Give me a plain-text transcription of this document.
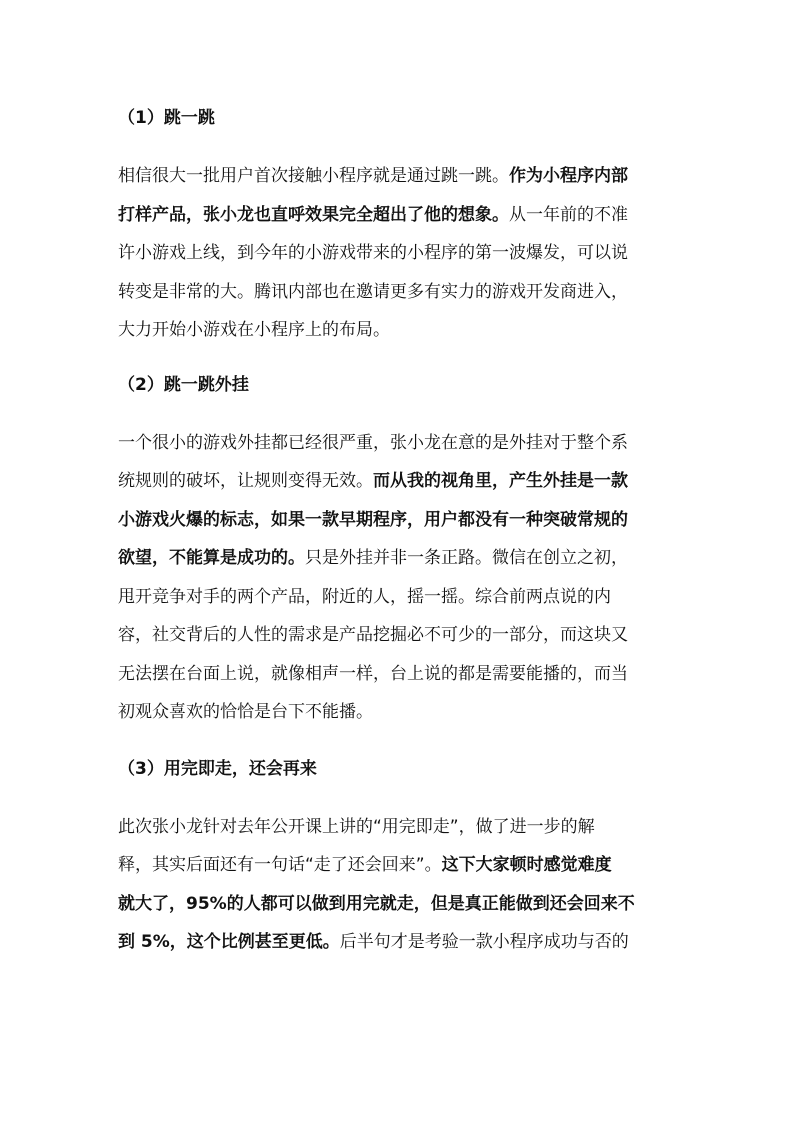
（1）跳一跳
相信很大一批用户首次接触小程序就是通过跳一跳。作为小程序内部
打样产品，张小龙也直呼效果完全超出了他的想象。从一年前的不准
许小游戏上线，到今年的小游戏带来的小程序的第一波爆发，可以说
转变是非常的大。腾讯内部也在邀请更多有实力的游戏开发商进入，
大力开始小游戏在小程序上的布局。
（2）跳一跳外挂
一个很小的游戏外挂都已经很严重，张小龙在意的是外挂对于整个系
统规则的破坏，让规则变得无效。而从我的视角里，产生外挂是一款
小游戏火爆的标志，如果一款早期程序，用户都没有一种突破常规的
欲望，不能算是成功的。只是外挂并非一条正路。微信在创立之初，
甩开竞争对手的两个产品，附近的人，摇一摇。综合前两点说的内
容，社交背后的人性的需求是产品挖掘必不可少的一部分，而这块又
无法摆在台面上说，就像相声一样，台上说的都是需要能播的，而当
初观众喜欢的恰恰是台下不能播。
（3）用完即走，还会再来
此次张小龙针对去年公开课上讲的“用完即走”，做了进一步的解
释，其实后面还有一句话“走了还会回来”。这下大家顿时感觉难度
就大了，95%的人都可以做到用完就走，但是真正能做到还会回来不
到 5%，这个比例甚至更低。后半句才是考验一款小程序成功与否的
